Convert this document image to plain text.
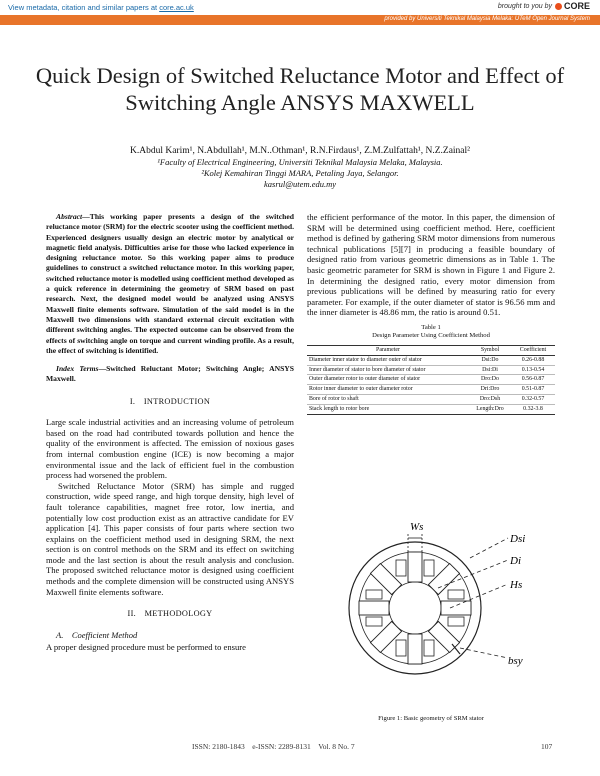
View metadata, citation and similar papers at core.ac.uk	brought to you by CORE
provided by Universiti Teknikal Malaysia Melaka: UTeM Open Journal System
Quick Design of Switched Reluctance Motor and Effect of Switching Angle ANSYS MAXWELL
K.Abdul Karim¹, N.Abdullah¹, M.N..Othman¹, R.N.Firdaus¹, Z.M.Zulfattah¹, N.Z.Zainal²
¹Faculty of Electrical Engineering, Universiti Teknikal Malaysia Melaka, Malaysia.
²Kolej Kemahiran Tinggi MARA, Petaling Jaya, Selangor.
kasrul@utem.edu.my

Abstract—This working paper presents a design of the switched reluctance motor (SRM) for the electric scooter using the coefficient method. Experienced designers usually design an electric motor by analytical or magnetic field analysis. Difficulties arise for those who lacked experience in designing reluctance motor. So this working paper aims to produce guidelines to construct a switched reluctance motor. In this working paper, switched reluctance motor is modelled using coefficient method developed as a quick reference in determining the geometry of SRM based on past research. Next, the designed model would be analyzed using ANSYS Maxwell finite elements software. Simulation of the said model is in the Maxwell two dimensions with standard external circuit excitation with different switching angles. The expected outcome can be observed from the effects of switching angle on torque and current winding profile. As a result, the effect of switching is identified.

Index Terms—Switched Reluctant Motor; Switching Angle; ANSYS Maxwell.

I. INTRODUCTION

Large scale industrial activities and an increasing volume of petroleum based on the road had contributed towards pollution and hence the quality of the environment is affected. The emission of noxious gases from internal combustion engine (ICE) is now becoming a major environmental issue and the lack of efficient fuel in the combustion process had worsened the problem.

Switched Reluctance Motor (SRM) has simple and rugged construction, wide speed range, and high torque density, high level of fault tolerance capabilities, magnet free rotor, low inertia, and potentially low cost production exist as an attractive candidate for EV application [4]. This paper consists of four parts where section two explains on the coefficient method used in designing SRM, the next section is on control methods on the SRM and its effect on switching mode and the last section is about the result analysis and conclusion. The proposed switched reluctance motor is designed using coefficient methods and the complete dimension will be constructed using ANSYS Maxwell finite elements software.

II. METHODOLOGY
A. Coefficient Method

A proper designed procedure must be performed to ensure

the efficient performance of the motor. In this paper, the dimension of SRM will be determined using coefficient method. Here, coefficient method is defined by gathering SRM motor dimensions from numerous technical publications [5][7] in producing a feasible boundary of designed ratio from various geometric dimensions as in Table 1. The basic geometric parameter for SRM is shown in Figure 1 and Figure 2. In determining the designed ratio, every motor dimension from previous publications will be defined by measuring ratio for every parameter. For example, if the outer diameter of stator is 96.56 mm and the inner diameter is 48.86 mm, the ratio is around 0.51.

Table 1
Design Parameter Using Coefficient Method
Parameter	Symbol	Coefficient
Diameter inner stator to diameter outer of stator	Dsi:Do	0.26-0.88
Inner diameter of stator to bore diameter of stator	Dsi:Di	0.13-0.54
Outer diameter rotor to outer diameter of stator	Dro:Do	0.56-0.87
Rotor inner diameter to outer diameter rotor	Dri:Dro	0.51-0.87
Bore of rotor to shaft	Dro:Dsh	0.32-0.57
Stack length to rotor bore	Length:Dro	0.32-3.8
Ws
Dsi
Di
Hs
bsy
Figure 1: Basic geometry of SRM stator
ISSN: 2180-1843 e-ISSN: 2289-8131 Vol. 8 No. 7	107
